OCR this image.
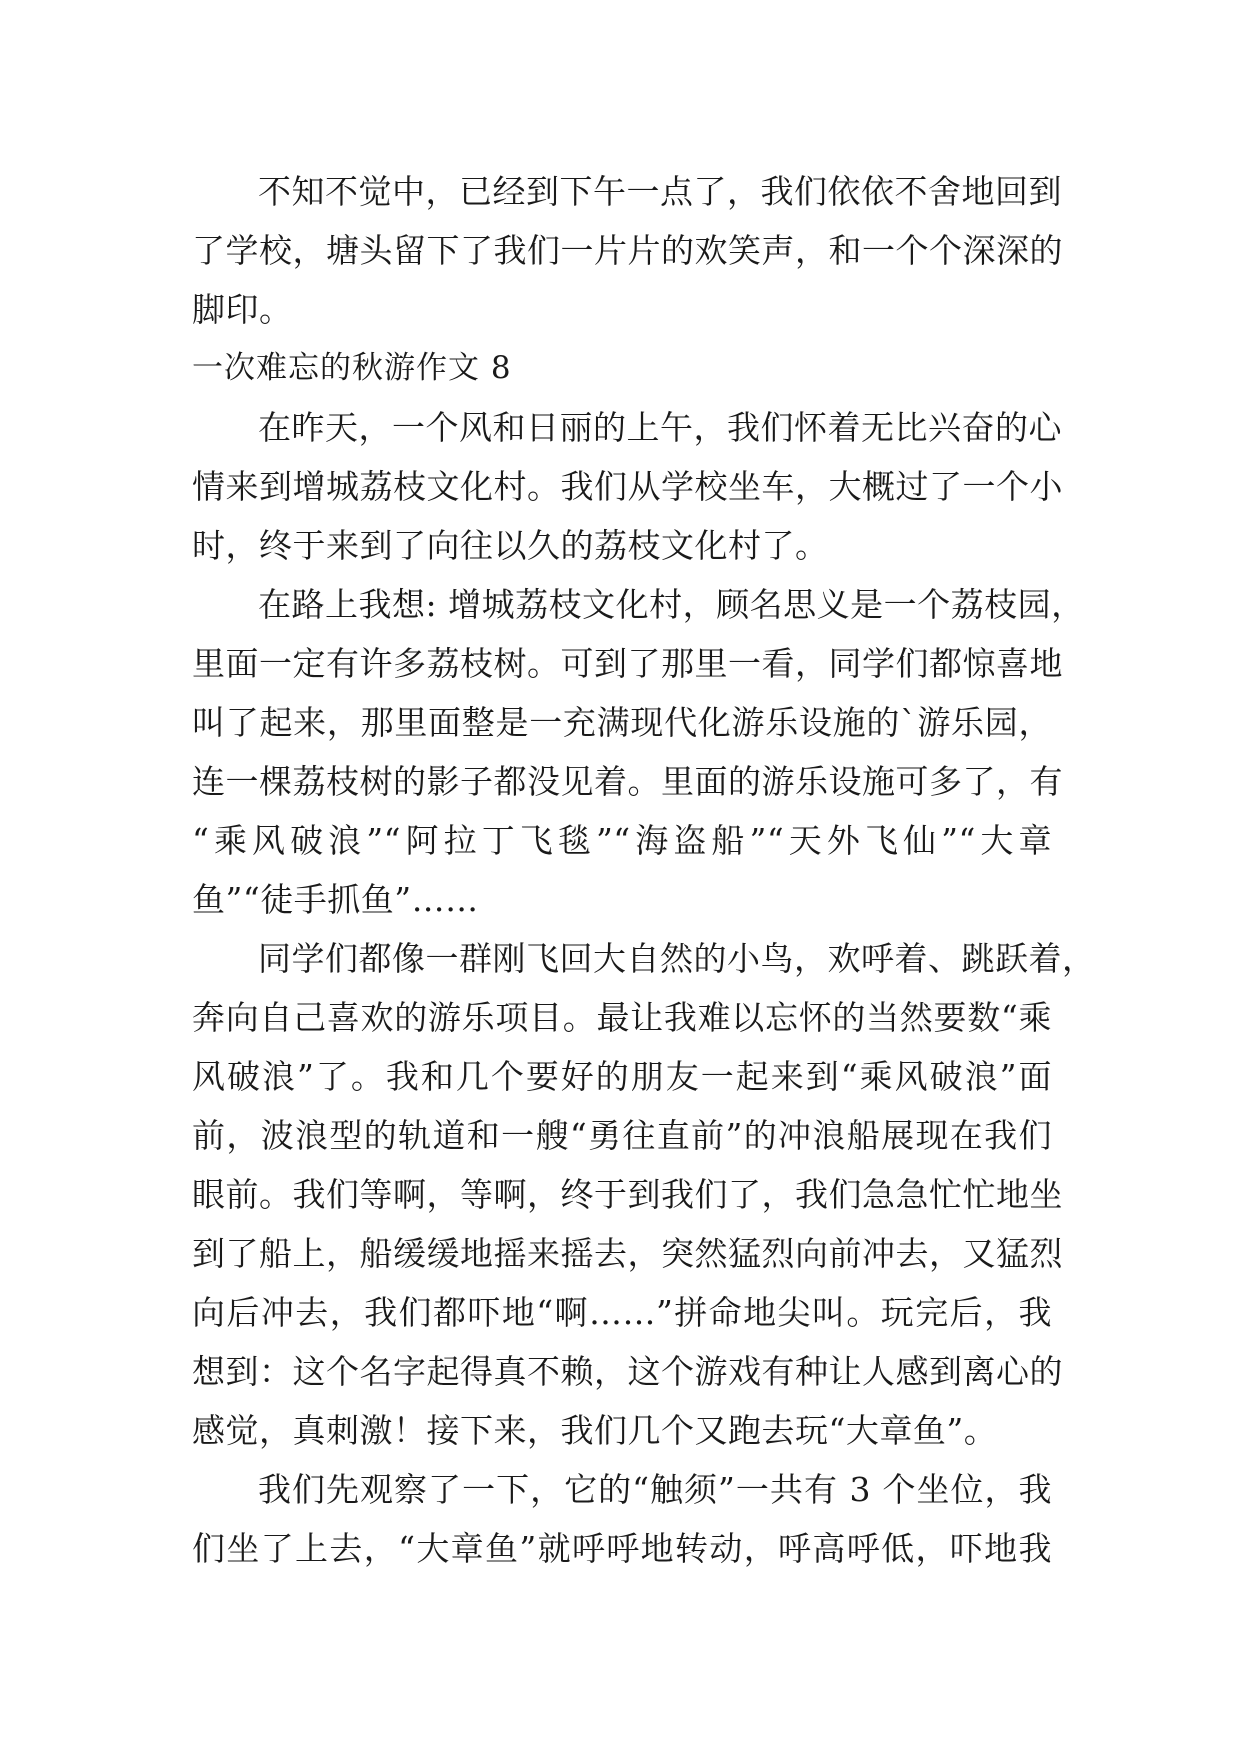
不知不觉中，已经到下午一点了，我们依依不舍地回到
了学校，塘头留下了我们一片片的欢笑声，和一个个深深的
脚印。
一次难忘的秋游作文 8
在昨天，一个风和日丽的上午，我们怀着无比兴奋的心
情来到增城荔枝文化村。我们从学校坐车，大概过了一个小
时，终于来到了向往以久的荔枝文化村了。
在路上我想: 增城荔枝文化村，顾名思义是一个荔枝园，
里面一定有许多荔枝树。可到了那里一看，同学们都惊喜地
叫了起来，那里面整是一充满现代化游乐设施的`游乐园，
连一棵荔枝树的影子都没见着。里面的游乐设施可多了，有
“乘风破浪”“阿拉丁飞毯”“海盗船”“天外飞仙”“大章
鱼”“徒手抓鱼”……
同学们都像一群刚飞回大自然的小鸟，欢呼着、跳跃着，
奔向自己喜欢的游乐项目。最让我难以忘怀的当然要数“乘
风破浪”了。我和几个要好的朋友一起来到“乘风破浪”面
前，波浪型的轨道和一艘“勇往直前”的冲浪船展现在我们
眼前。我们等啊，等啊，终于到我们了，我们急急忙忙地坐
到了船上，船缓缓地摇来摇去，突然猛烈向前冲去，又猛烈
向后冲去，我们都吓地“啊……”拼命地尖叫。玩完后，我
想到：这个名字起得真不赖，这个游戏有种让人感到离心的
感觉，真刺激！接下来，我们几个又跑去玩“大章鱼”。
我们先观察了一下，它的“触须”一共有 3 个坐位，我
们坐了上去，“大章鱼”就呼呼地转动，呼高呼低，吓地我
